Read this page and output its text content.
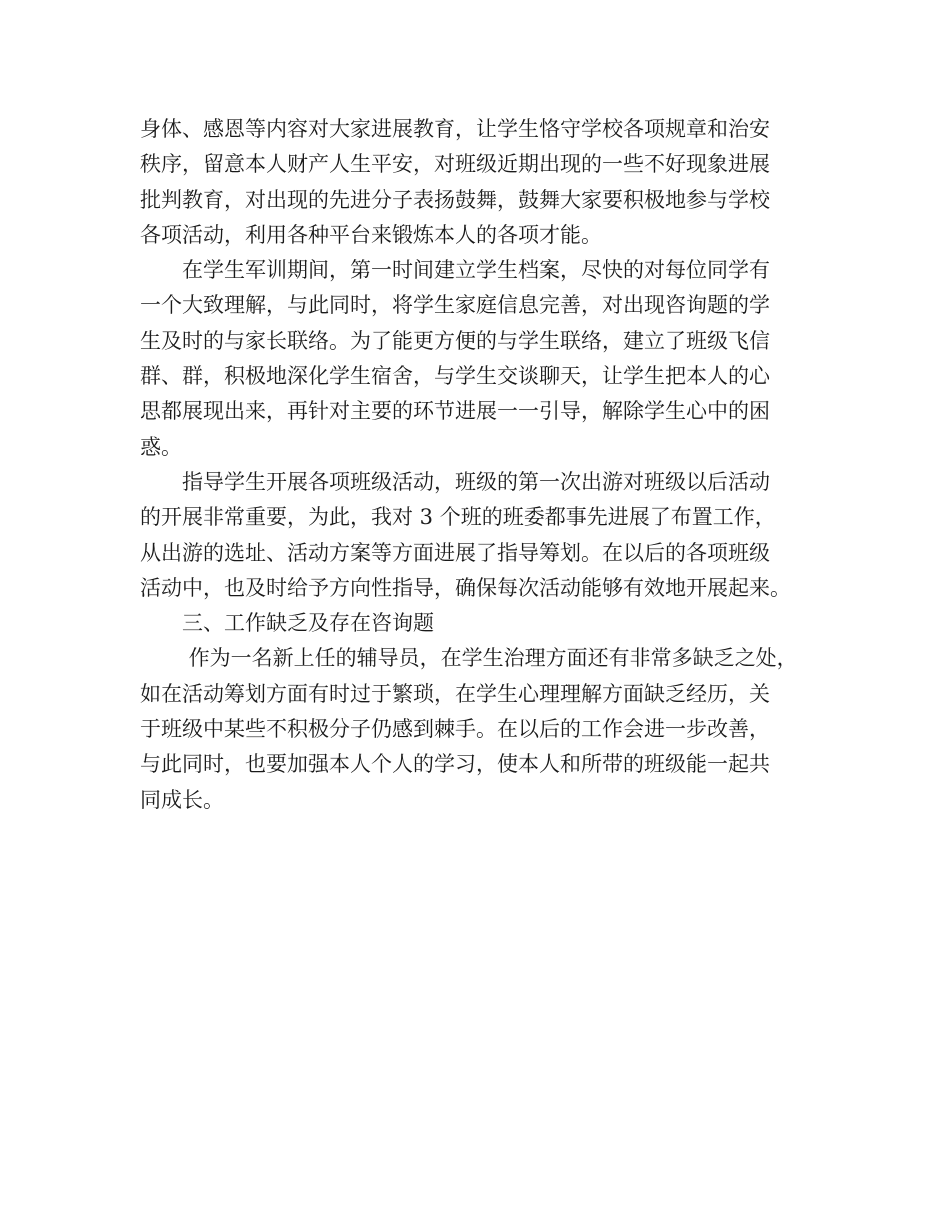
身体、感恩等内容对大家进展教育，让学生恪守学校各项规章和治安
秩序，留意本人财产人生平安，对班级近期出现的一些不好现象进展
批判教育，对出现的先进分子表扬鼓舞，鼓舞大家要积极地参与学校
各项活动，利用各种平台来锻炼本人的各项才能。
　　在学生军训期间，第一时间建立学生档案，尽快的对每位同学有
一个大致理解，与此同时，将学生家庭信息完善，对出现咨询题的学
生及时的与家长联络。为了能更方便的与学生联络，建立了班级飞信
群、群，积极地深化学生宿舍，与学生交谈聊天，让学生把本人的心
思都展现出来，再针对主要的环节进展一一引导，解除学生心中的困
惑。
　　指导学生开展各项班级活动，班级的第一次出游对班级以后活动
的开展非常重要，为此，我对 3 个班的班委都事先进展了布置工作，
从出游的选址、活动方案等方面进展了指导筹划。在以后的各项班级
活动中，也及时给予方向性指导，确保每次活动能够有效地开展起来。
　　三、工作缺乏及存在咨询题
　　 作为一名新上任的辅导员，在学生治理方面还有非常多缺乏之处，
如在活动筹划方面有时过于繁琐，在学生心理理解方面缺乏经历，关
于班级中某些不积极分子仍感到棘手。在以后的工作会进一步改善，
与此同时，也要加强本人个人的学习，使本人和所带的班级能一起共
同成长。
